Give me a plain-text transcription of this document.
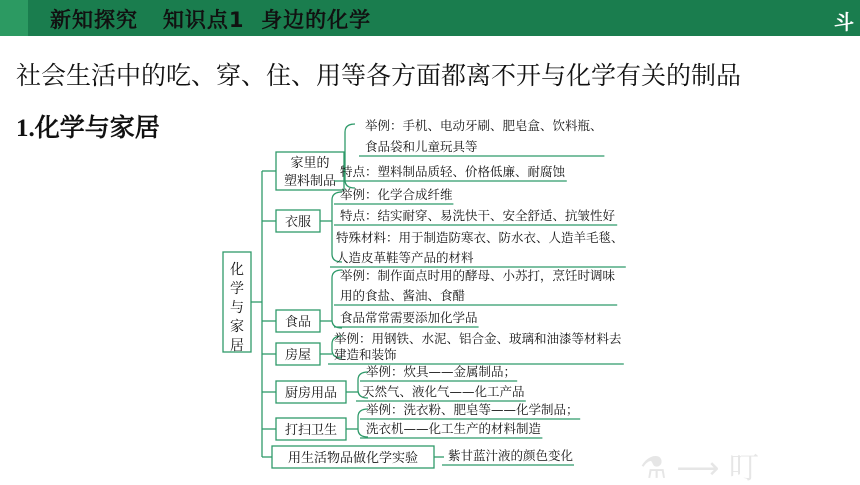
新知探究   知识点1  身边的化学	斗
社会生活中的吃、穿、住、用等各方面都离不开与化学有关的制品
1.化学与家居
⚗ ⟶ 叮
化
学
与
家
居
家里的
塑料制品
举例：手机、电动牙刷、肥皂盒、饮料瓶、
食品袋和儿童玩具等
特点：塑料制品质轻、价格低廉、耐腐蚀
衣服
举例：化学合成纤维
特点：结实耐穿、易洗快干、安全舒适、抗皱性好
特殊材料：用于制造防寒衣、防水衣、人造羊毛毯、
人造皮革鞋等产品的材料
食品
举例：制作面点时用的酵母、小苏打，烹饪时调味
用的食盐、酱油、食醋
食品常常需要添加化学品
房屋
举例：用钢铁、水泥、铝合金、玻璃和油漆等材料去
建造和装饰
厨房用品
举例：炊具——金属制品；
天然气、液化气——化工产品
打扫卫生
举例：洗衣粉、肥皂等——化学制品；
洗衣机——化工生产的材料制造
用生活物品做化学实验 紫甘蓝汁液的颜色变化
